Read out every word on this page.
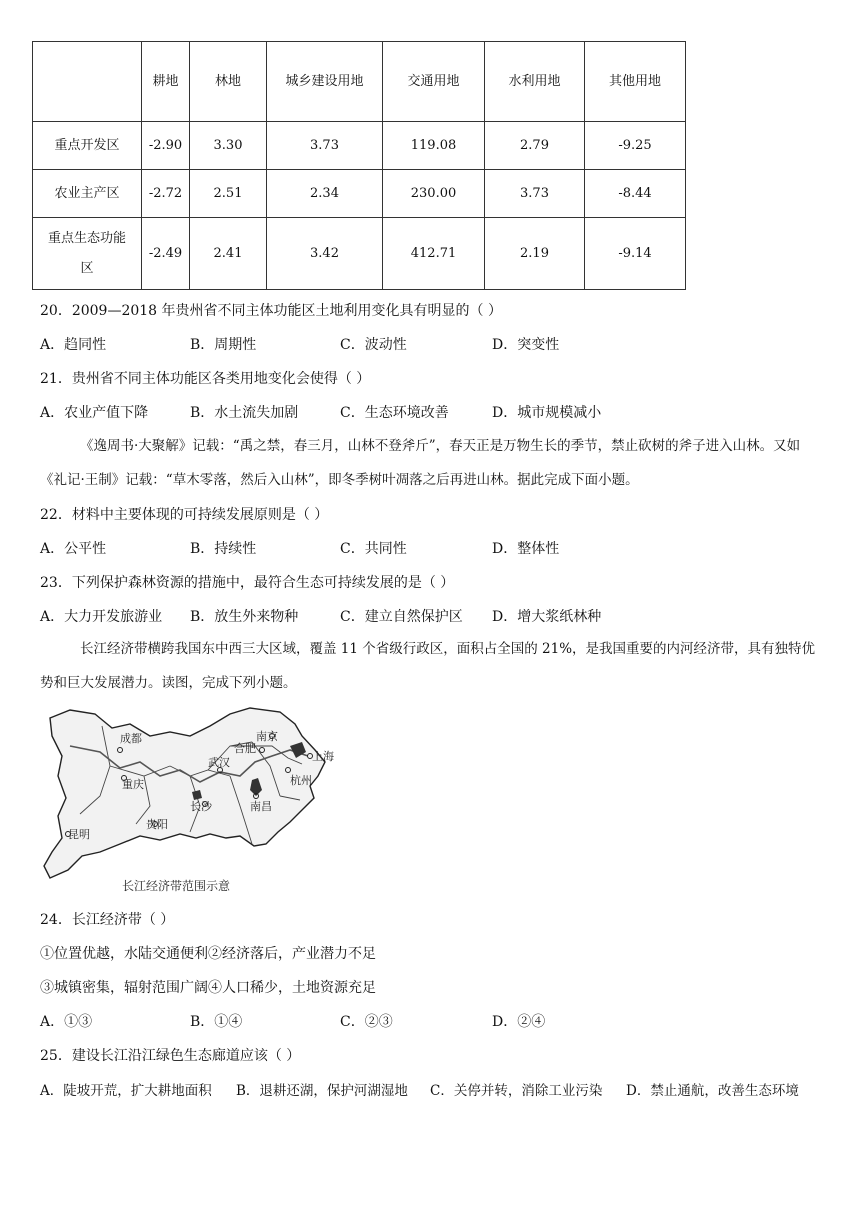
	耕地	林地	城乡建设用地	交通用地	水利用地	其他用地
重点开发区	-2.90	3.30	3.73	119.08	2.79	-9.25
农业主产区	-2.72	2.51	2.34	230.00	3.73	-8.44
重点生态功能区	-2.49	2.41	3.42	412.71	2.19	-9.14
20．2009—2018 年贵州省不同主体功能区土地利用变化具有明显的（ ）
A．趋同性	B．周期性	C．波动性	D．突变性
21．贵州省不同主体功能区各类用地变化会使得（ ）
A．农业产值下降	B．水土流失加剧	C．生态环境改善	D．城市规模减小
《逸周书·大聚解》记载：“禹之禁，春三月，山林不登斧斤”，春天正是万物生长的季节，禁止砍树的斧子进入山林。又如《礼记·王制》记载：“草木零落，然后入山林”，即冬季树叶凋落之后再进山林。据此完成下面小题。
22．材料中主要体现的可持续发展原则是（ ）
A．公平性	B．持续性	C．共同性	D．整体性
23．下列保护森林资源的措施中，最符合生态可持续发展的是（ ）
A．大力开发旅游业 B．放生外来物种	C．建立自然保护区 D．增大浆纸林种
长江经济带横跨我国东中西三大区域，覆盖 11 个省级行政区，面积占全国的 21%，是我国重要的内河经济带，具有独特优势和巨大发展潜力。读图，完成下列小题。
成都
重庆
昆明
贵阳
长沙
武汉
南昌
合肥
南京
上海
杭州
长江经济带范围示意
24．长江经济带（ ）
①位置优越，水陆交通便利②经济落后，产业潜力不足
③城镇密集，辐射范围广阔④人口稀少，土地资源充足
A．①③	B．①④	C．②③	D．②④
25．建设长江沿江绿色生态廊道应该（ ）
A．陡坡开荒，扩大耕地面积 B．退耕还湖，保护河湖湿地 C．关停并转，消除工业污染 D．禁止通航，改善生态环境
